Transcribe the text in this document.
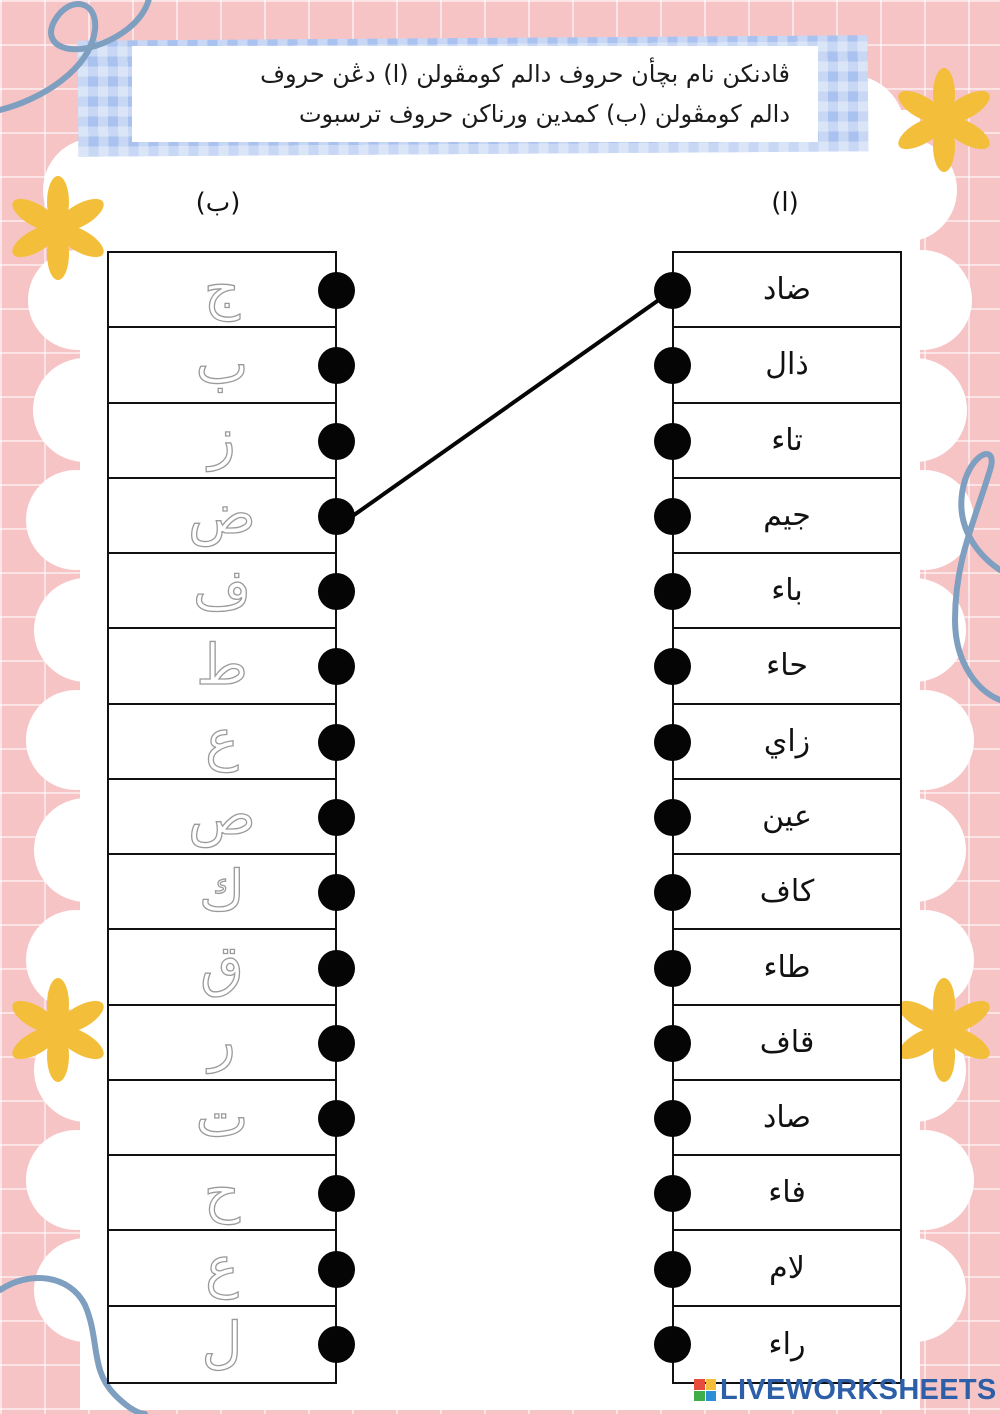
ڤادنكن نام بچأن حروف دالم كومڤولن (ا) دڠن حروف
دالم كومڤولن (ب) كمدين ورناكن حروف ترسبوت
(ب)	(ا)
ج
ب
ز
ض
ف
ط
ع
ص
ك
ق
ر
ت
ح
ع
ل
ضاد
ذال
تاء
جيم
باء
حاء
زاي
عين
كاف
طاء
قاف
صاد
فاء
لام
راء
LIVEWORKSHEETS
